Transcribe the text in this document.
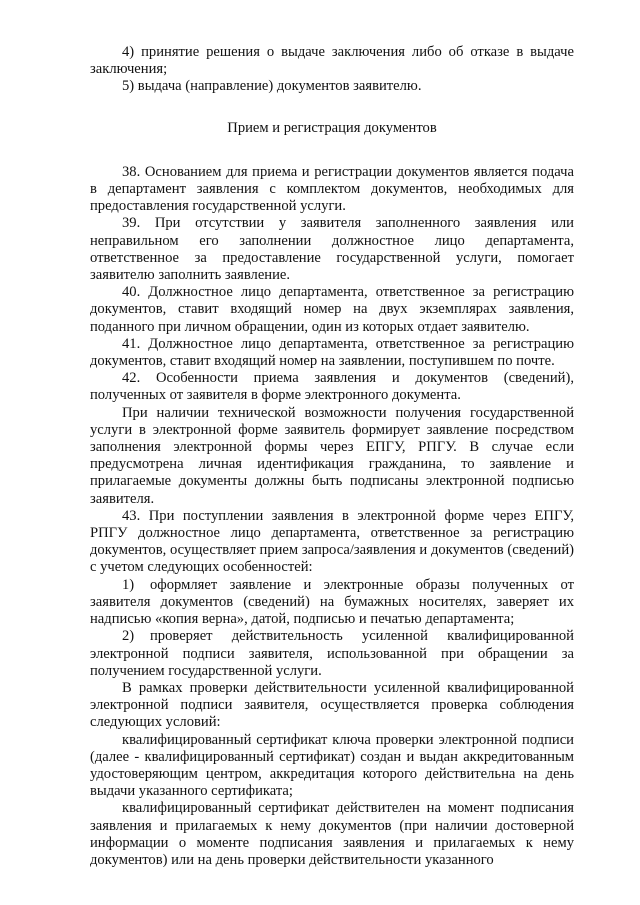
4) принятие решения о выдаче заключения либо об отказе в выдаче заключения;

5) выдача (направление) документов заявителю.

Прием и регистрация документов

38. Основанием для приема и регистрации документов является подача в департамент заявления с комплектом документов, необходимых для предоставления государственной услуги.

39. При отсутствии у заявителя заполненного заявления или неправильном его заполнении должностное лицо департамента, ответственное за предоставление государственной услуги, помогает заявителю заполнить заявление.

40. Должностное лицо департамента, ответственное за регистрацию документов, ставит входящий номер на двух экземплярах заявления, поданного при личном обращении, один из которых отдает заявителю.

41. Должностное лицо департамента, ответственное за регистрацию документов, ставит входящий номер на заявлении, поступившем по почте.

42. Особенности приема заявления и документов (сведений), полученных от заявителя в форме электронного документа.

При наличии технической возможности получения государственной услуги в электронной форме заявитель формирует заявление посредством заполнения электронной формы через ЕПГУ, РПГУ. В случае если предусмотрена личная идентификация гражданина, то заявление и прилагаемые документы должны быть подписаны электронной подписью заявителя.

43. При поступлении заявления в электронной форме через ЕПГУ, РПГУ должностное лицо департамента, ответственное за регистрацию документов, осуществляет прием запроса/заявления и документов (сведений) с учетом следующих особенностей:

1) оформляет заявление и электронные образы полученных от заявителя документов (сведений) на бумажных носителях, заверяет их надписью «копия верна», датой, подписью и печатью департамента;

2) проверяет действительность усиленной квалифицированной электронной подписи заявителя, использованной при обращении за получением государственной услуги.

В рамках проверки действительности усиленной квалифицированной электронной подписи заявителя, осуществляется проверка соблюдения следующих условий:

квалифицированный сертификат ключа проверки электронной подписи (далее - квалифицированный сертификат) создан и выдан аккредитованным удостоверяющим центром, аккредитация которого действительна на день выдачи указанного сертификата;

квалифицированный сертификат действителен на момент подписания заявления и прилагаемых к нему документов (при наличии достоверной информации о моменте подписания заявления и прилагаемых к нему документов) или на день проверки действительности указанного
